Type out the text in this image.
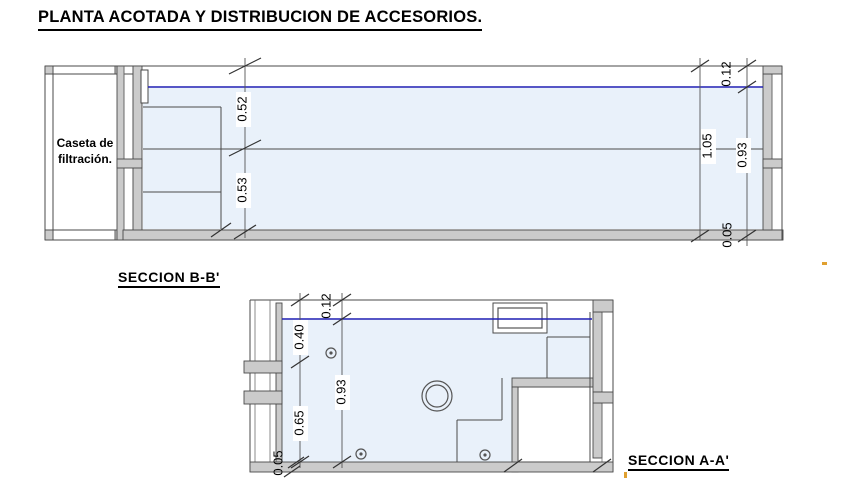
PLANTA ACOTADA Y DISTRIBUCION DE ACCESORIOS.
0.52
0.53
1.05 0.93
0.12
0.05
0.40
0.65
0.93
0.12
0.05
Caseta de
filtración.
SECCION B-B'
SECCION A-A'
